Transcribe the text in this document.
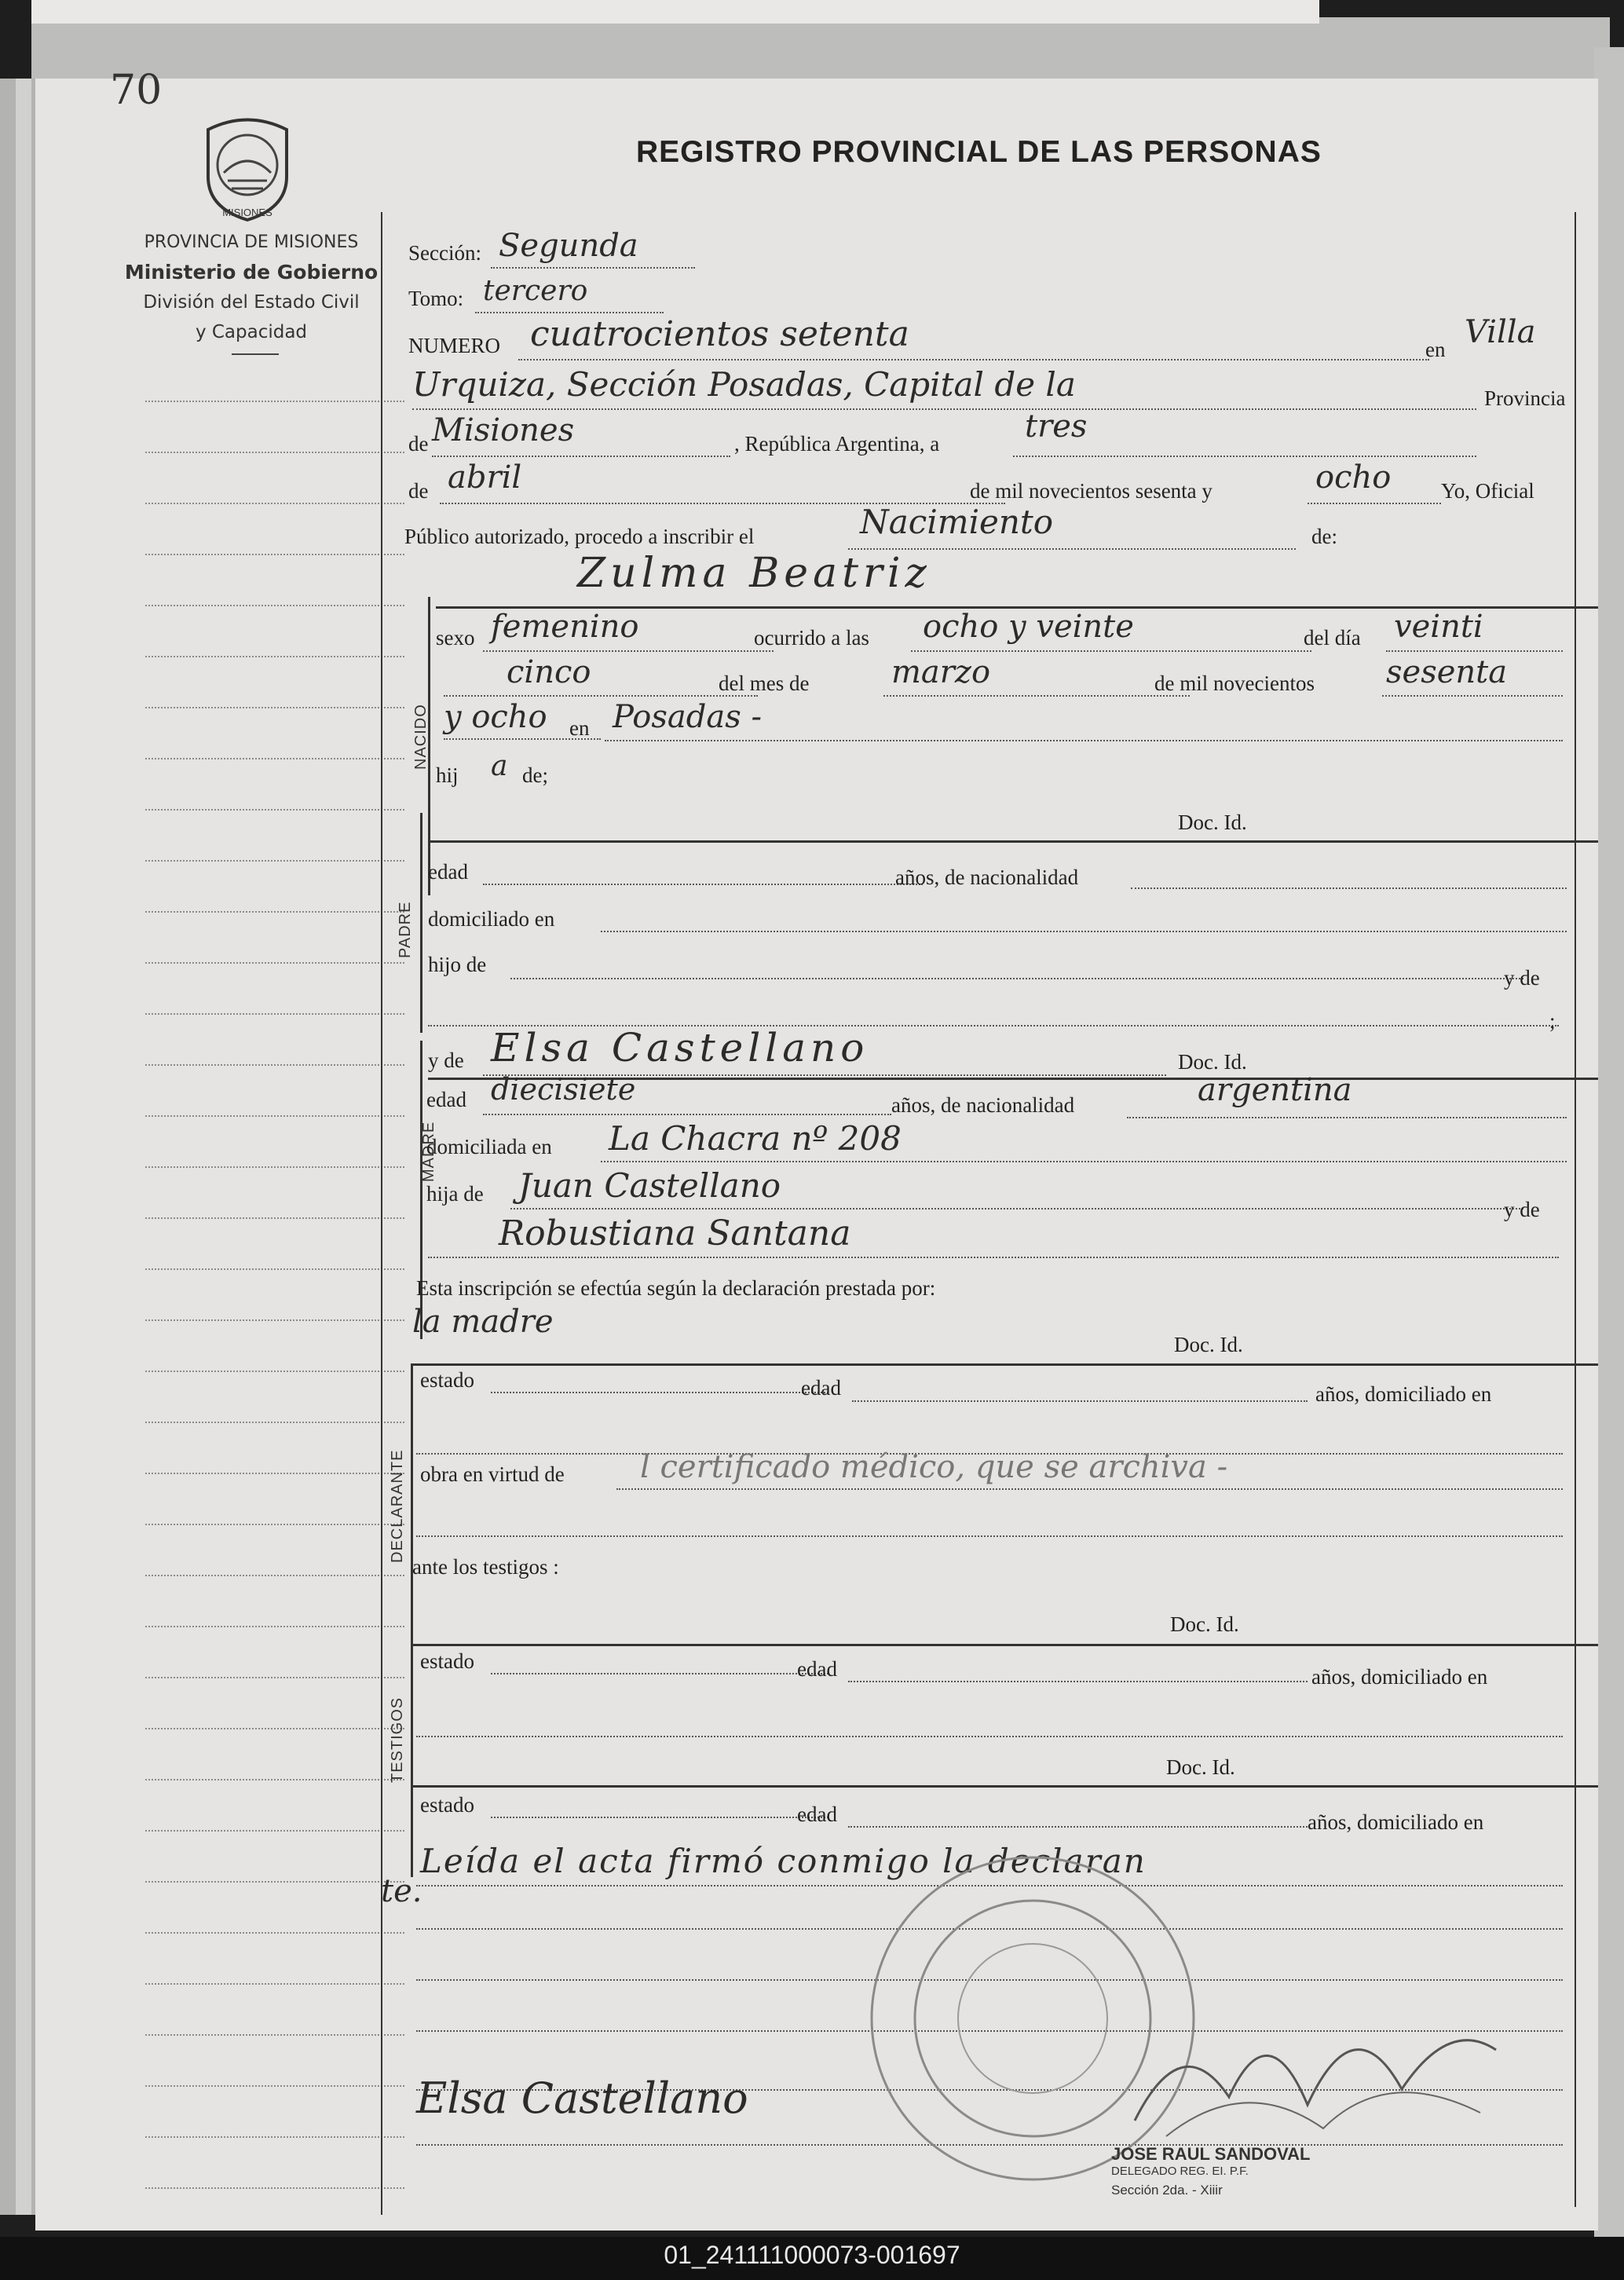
70
MISIONES
REGISTRO PROVINCIAL DE LAS PERSONAS
PROVINCIA DE MISIONES
Ministerio de Gobierno
División del Estado Civil
y Capacidad
Sección: Segunda
Tomo: tercero
NUMERO cuatrocientos setenta	en Villa
Urquiza, Sección Posadas, Capital de la	Provincia
de Misiones	, República Argentina, a	tres
de abril	de mil novecientos sesenta y	ocho Yo, Oficial
Público autorizado, procedo a inscribir el	Nacimiento	de:
Zulma Beatriz
NACIDO
sexo femenino	ocurrido a las ocho y veinte	del día veinti
cinco	del mes de	marzo	de mil novecientos sesenta
y ocho en Posadas -
hij a de;
Doc. Id.
PADRE
edad	años, de nacionalidad
domiciliado en
hijo de
y de
;
y de Elsa Castellano	Doc. Id.
MADRE
edad diecisiete	años, de nacionalidad	argentina
domiciliada en La Chacra nº 208
hija de Juan Castellano
y de
Robustiana Santana
Esta inscripción se efectúa según la declaración prestada por:
la madre
Doc. Id.
DECLARANTE
estado	edad	años, domiciliado en
obra en virtud de l certificado médico, que se archiva -
ante los testigos :
Doc. Id.
TESTIGOS
estado	edad	años, domiciliado en
Doc. Id.
estado	edad	años, domiciliado en
Leída el acta firmó conmigo la declaran
te.
Elsa Castellano
JOSE RAUL SANDOVAL
DELEGADO REG. EI. P.F.
Sección 2da. - Xiiir
01_241111000073-001697
